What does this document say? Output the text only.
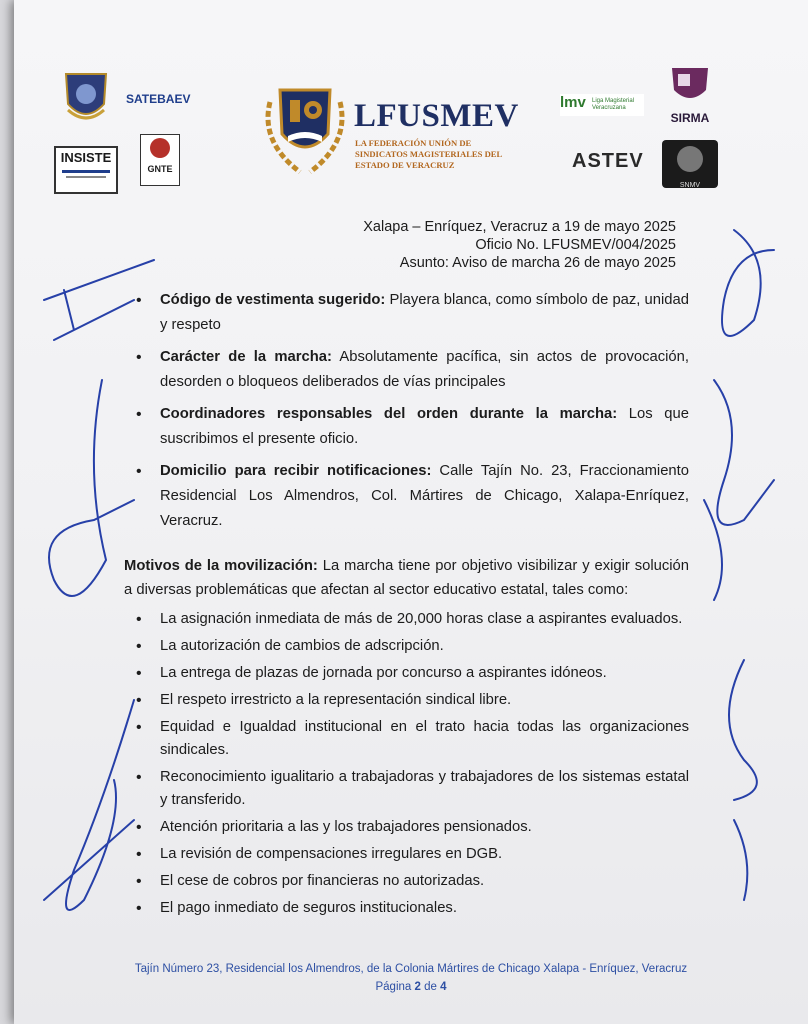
SATEBAEV
INSISTE
GNTE
LFUSMEV
LA FEDERACIÓN UNIÓN DE SINDICATOS MAGISTERIALES DEL ESTADO DE VERACRUZ
lmv Liga Magisterial Veracruzana
SIRMA
ASTEV
SNMV
Xalapa – Enríquez, Veracruz a 19 de mayo 2025
Oficio No. LFUSMEV/004/2025
Asunto: Aviso de marcha 26 de mayo 2025
• Código de vestimenta sugerido: Playera blanca, como símbolo de paz, unidad y respeto
• Carácter de la marcha: Absolutamente pacífica, sin actos de provocación, desorden o bloqueos deliberados de vías principales
• Coordinadores responsables del orden durante la marcha: Los que suscribimos el presente oficio.
• Domicilio para recibir notificaciones: Calle Tajín No. 23, Fraccionamiento Residencial Los Almendros, Col. Mártires de Chicago, Xalapa-Enríquez, Veracruz.
Motivos de la movilización: La marcha tiene por objetivo visibilizar y exigir solución a diversas problemáticas que afectan al sector educativo estatal, tales como:
• La asignación inmediata de más de 20,000 horas clase a aspirantes evaluados.
• La autorización de cambios de adscripción.
• La entrega de plazas de jornada por concurso a aspirantes idóneos.
• El respeto irrestricto a la representación sindical libre.
• Equidad e Igualdad institucional en el trato hacia todas las organizaciones sindicales.
• Reconocimiento igualitario a trabajadoras y trabajadores de los sistemas estatal y transferido.
• Atención prioritaria a las y los trabajadores pensionados.
• La revisión de compensaciones irregulares en DGB.
• El cese de cobros por financieras no autorizadas.
• El pago inmediato de seguros institucionales.
Tajín Número 23, Residencial los Almendros, de la Colonia Mártires de Chicago Xalapa - Enríquez, Veracruz
Página 2 de 4
